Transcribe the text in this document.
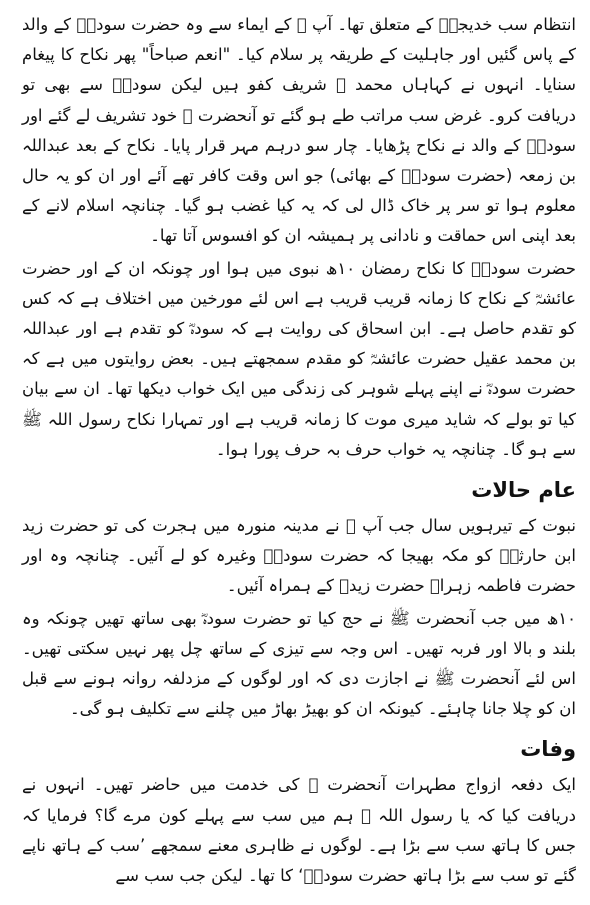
انتظام سب خدیجہؓ کے متعلق تھا۔ آپ ﷺ کے ایماء سے وہ حضرت سودہؓ کے والد کے پاس گئیں اور جاہلیت کے طریقہ پر سلام کیا۔ "انعم صباحاً" پھر نکاح کا پیغام سنایا۔ انہوں نے کہاہاں محمد ﷺ شریف کفو ہیں لیکن سودہؓ سے بھی تو دریافت کرو۔ غرض سب مراتب طے ہو گئے تو آنحضرت ﷺ خود تشریف لے گئے اور سودہؓ کے والد نے نکاح پڑھایا۔ چار سو درہم مہر قرار پایا۔ نکاح کے بعد عبداللہ بن زمعہ (حضرت سودہؓ کے بھائی) جو اس وقت کافر تھے آئے اور ان کو یہ حال معلوم ہوا تو سر پر خاک ڈال لی کہ یہ کیا غضب ہو گیا۔ چنانچہ اسلام لانے کے بعد اپنی اس حماقت و نادانی پر ہمیشہ ان کو افسوس آتا تھا۔

حضرت سودہؓ کا نکاح رمضان ۱۰ھ نبوی میں ہوا اور چونکہ ان کے اور حضرت عائشہؓ کے نکاح کا زمانہ قریب قریب ہے اس لئے مورخین میں اختلاف ہے کہ کس کو تقدم حاصل ہے۔ ابن اسحاق کی روایت ہے کہ سودہؓ کو تقدم ہے اور عبداللہ بن محمد عقیل حضرت عائشہؓ کو مقدم سمجھتے ہیں۔ بعض روایتوں میں ہے کہ حضرت سودہؓ نے اپنے پہلے شوہر کی زندگی میں ایک خواب دیکھا تھا۔ ان سے بیان کیا تو بولے کہ شاید میری موت کا زمانہ قریب ہے اور تمہارا نکاح رسول اللہ ﷺ سے ہو گا۔ چنانچہ یہ خواب حرف بہ حرف پورا ہوا۔

عام حالات

نبوت کے تیرہویں سال جب آپ ﷺ نے مدینہ منورہ میں ہجرت کی تو حضرت زید ابن حارثہؓ کو مکہ بھیجا کہ حضرت سودہؓ وغیرہ کو لے آئیں۔ چنانچہ وہ اور حضرت فاطمہ زہراؓ حضرت زیدؓ کے ہمراہ آئیں۔

۱۰ھ میں جب آنحضرت ﷺ نے حج کیا تو حضرت سودہؓ بھی ساتھ تھیں چونکہ وہ بلند و بالا اور فربہ تھیں۔ اس وجہ سے تیزی کے ساتھ چل پھر نہیں سکتی تھیں۔ اس لئے آنحضرت ﷺ نے اجازت دی کہ اور لوگوں کے مزدلفہ روانہ ہونے سے قبل ان کو چلا جانا چاہئے۔ کیونکہ ان کو بھیڑ بھاڑ میں چلنے سے تکلیف ہو گی۔

وفات

ایک دفعہ ازواج مطہرات آنحضرت ﷺ کی خدمت میں حاضر تھیں۔ انہوں نے دریافت کیا کہ یا رسول اللہ ﷺ ہم میں سب سے پہلے کون مرے گا؟ فرمایا کہ جس کا ہاتھ سب سے بڑا ہے۔ لوگوں نے ظاہری معنے سمجھے ’سب کے ہاتھ ناپے گئے تو سب سے بڑا ہاتھ حضرت سودہؓ‘ کا تھا۔ لیکن جب سب سے
